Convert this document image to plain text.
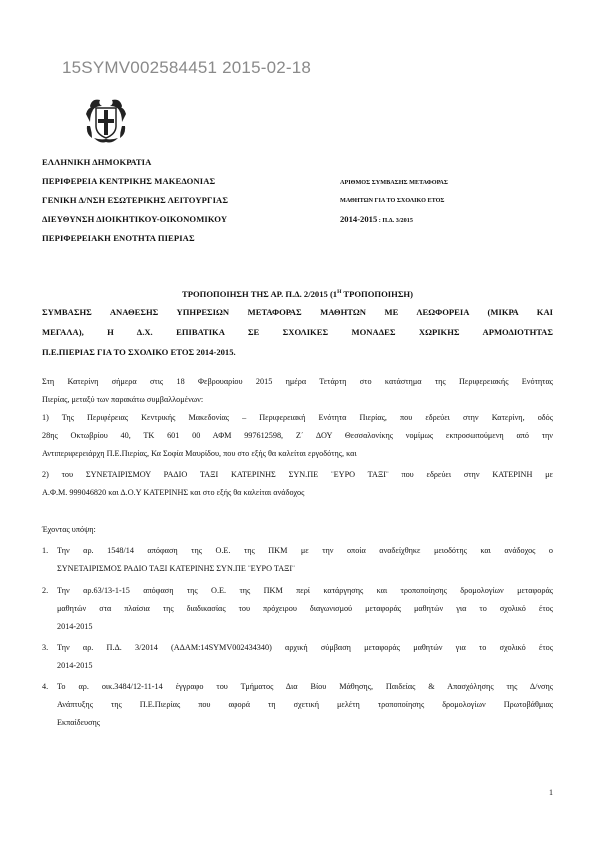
15SYMV002584451 2015-02-18
ΕΛΛΗΝΙΚΗ ΔΗΜΟΚΡΑΤΙΑ
ΠΕΡΙΦΕΡΕΙΑ ΚΕΝΤΡΙΚΗΣ ΜΑΚΕΔΟΝΙΑΣ
ΓΕΝΙΚΗ Δ/ΝΣΗ ΕΣΩΤΕΡΙΚΗΣ ΛΕΙΤΟΥΡΓΙΑΣ
ΔΙΕΥΘΥΝΣΗ ΔΙΟΙΚΗΤΙΚΟΥ-ΟΙΚΟΝΟΜΙΚΟΥ
ΠΕΡΙΦΕΡΕΙΑΚΗ ΕΝΟΤΗΤΑ ΠΙΕΡΙΑΣ
ΑΡΙΘΜΟΣ ΣΥΜΒΑΣΗΣ ΜΕΤΑΦΟΡΑΣ
ΜΑΘΗΤΩΝ ΓΙΑ ΤΟ ΣΧΟΛΙΚΟ ΕΤΟΣ
2014-2015 : Π.Δ. 3/2015
ΤΡΟΠΟΠΟΙΗΣΗ ΤΗΣ ΑΡ. Π.Δ. 2/2015 ($1^H$ ΤΡΟΠΟΠΟΙΗΣΗ)
ΣΥΜΒΑΣΗΣ ΑΝΑΘΕΣΗΣ ΥΠΗΡΕΣΙΩΝ ΜΕΤΑΦΟΡΑΣ ΜΑΘΗΤΩΝ ΜΕ ΛΕΩΦΟΡΕΙΑ (ΜΙΚΡΑ ΚΑΙ
ΜΕΓΑΛΑ), Η Δ.Χ. ΕΠΙΒΑΤΙΚΑ ΣΕ ΣΧΟΛΙΚΕΣ ΜΟΝΑΔΕΣ ΧΩΡΙΚΗΣ ΑΡΜΟΔΙΟΤΗΤΑΣ
Π.Ε.ΠΙΕΡΙΑΣ ΓΙΑ ΤΟ ΣΧΟΛΙΚΟ ΕΤΟΣ 2014-2015.
Στη Κατερίνη σήμερα στις 18 Φεβρουαρίου 2015 ημέρα Τετάρτη στο κατάστημα της Περιφερειακής Ενότητας
Πιερίας, μεταξύ των παρακάτω συμβαλλομένων:
1) Της Περιφέρειας Κεντρικής Μακεδονίας – Περιφερειακή Ενότητα Πιερίας, που εδρεύει στην Κατερίνη, οδός
28ης Οκτωβρίου 40, ΤΚ 601 00 ΑΦΜ 997612598, Ζ΄ ΔΟΥ Θεσσαλονίκης νομίμως εκπροσωπούμενη από την
Αντιπεριφερειάρχη Π.Ε.Πιερίας, Κα Σοφία Μαυρίδου, που στο εξής θα καλείται εργοδότης, και
2) του ΣΥΝΕΤΑΙΡΙΣΜΟΥ ΡΑΔΙΟ ΤΑΞΙ ΚΑΤΕΡΙΝΗΣ ΣΥΝ.ΠΕ ¨ΕΥΡΟ ΤΑΞΙ¨ που εδρεύει στην ΚΑΤΕΡΙΝΗ με
Α.Φ.Μ. 999046820 και Δ.Ο.Υ ΚΑΤΕΡΙΝΗΣ και στο εξής θα καλείται ανάδοχος
Έχοντας υπόψη:
1. Την αρ. 1548/14 απόφαση της Ο.Ε. της ΠΚΜ με την οποία αναδείχθηκε μειοδότης και ανάδοχος ο
ΣΥΝΕΤΑΙΡΙΣΜΟΣ ΡΑΔΙΟ ΤΑΞΙ ΚΑΤΕΡΙΝΗΣ ΣΥΝ.ΠΕ ¨ΕΥΡΟ ΤΑΞΙ¨
2. Την αρ.63/13-1-15 απόφαση της Ο.Ε. της ΠΚΜ περί κατάργησης και τροποποίησης δρομολογίων μεταφοράς
μαθητών στα πλαίσια της διαδικασίας του πρόχειρου διαγωνισμού μεταφοράς μαθητών για το σχολικό έτος
2014-2015
3. Την αρ. Π.Δ. 3/2014 (ΑΔΑΜ:14SYMV002434340) αρχική σύμβαση μεταφοράς μαθητών για το σχολικό έτος
2014-2015
4. Το αρ. οικ.3484/12-11-14 έγγραφο του Τμήματος Δια Βίου Μάθησης, Παιδείας & Απασχόλησης της Δ/νσης
Ανάπτυξης της Π.Ε.Πιερίας που αφορά τη σχετική μελέτη τροποποίησης δρομολογίων Πρωτοβάθμιας
Εκπαίδευσης
1
